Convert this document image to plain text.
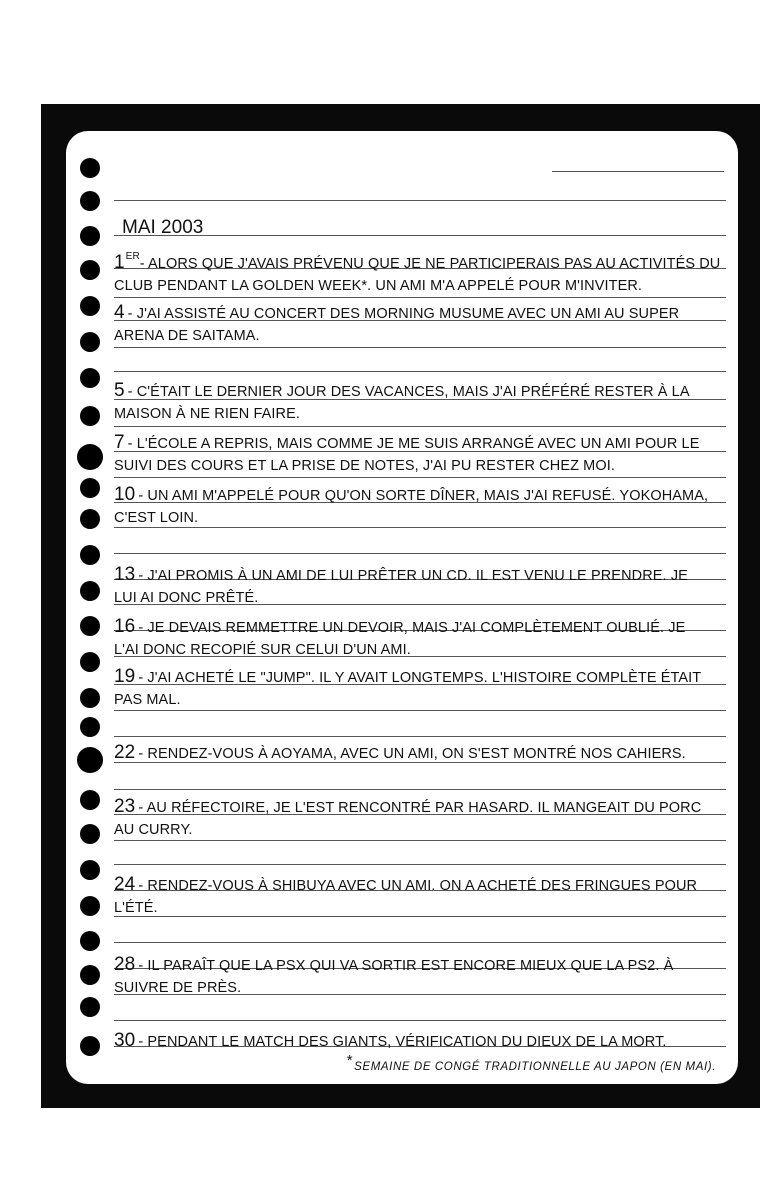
MAI 2003
1ER- ALORS QUE J'AVAIS PRÉVENU QUE JE NE PARTICIPERAIS PAS AU ACTIVITÉS DU
CLUB PENDANT LA GOLDEN WEEK*. UN AMI M'A APPELÉ POUR M'INVITER.
4 - J'AI ASSISTÉ AU CONCERT DES MORNING MUSUME AVEC UN AMI AU SUPER
ARENA DE SAITAMA.
5 - C'ÉTAIT LE DERNIER JOUR DES VACANCES, MAIS J'AI PRÉFÉRÉ RESTER À LA
MAISON À NE RIEN FAIRE.
7 - L'ÉCOLE A REPRIS, MAIS COMME JE ME SUIS ARRANGÉ AVEC UN AMI POUR LE
SUIVI DES COURS ET LA PRISE DE NOTES, J'AI PU RESTER CHEZ MOI.
10 - UN AMI M'APPELÉ POUR QU'ON SORTE DÎNER, MAIS J'AI REFUSÉ. YOKOHAMA,
C'EST LOIN.
13 - J'AI PROMIS À UN AMI DE LUI PRÊTER UN CD. IL EST VENU LE PRENDRE. JE
LUI AI DONC PRÊTÉ.
16 - JE DEVAIS REMMETTRE UN DEVOIR, MAIS J'AI COMPLÈTEMENT OUBLIÉ. JE
L'AI DONC RECOPIÉ SUR CELUI D'UN AMI.
19 - J'AI ACHETÉ LE "JUMP". IL Y AVAIT LONGTEMPS. L'HISTOIRE COMPLÈTE ÉTAIT
PAS MAL.
22 - RENDEZ-VOUS À AOYAMA, AVEC UN AMI, ON S'EST MONTRÉ NOS CAHIERS.
23 - AU RÉFECTOIRE, JE L'EST RENCONTRÉ PAR HASARD. IL MANGEAIT DU PORC
AU CURRY.
24 - RENDEZ-VOUS À SHIBUYA AVEC UN AMI. ON A ACHETÉ DES FRINGUES POUR
L'ÉTÉ.
28 - IL PARAÎT QUE LA PSX QUI VA SORTIR EST ENCORE MIEUX QUE LA PS2. À
SUIVRE DE PRÈS.
30 - PENDANT LE MATCH DES GIANTS, VÉRIFICATION DU DIEUX DE LA MORT.
*SEMAINE DE CONGÉ TRADITIONNELLE AU JAPON (EN MAI).
